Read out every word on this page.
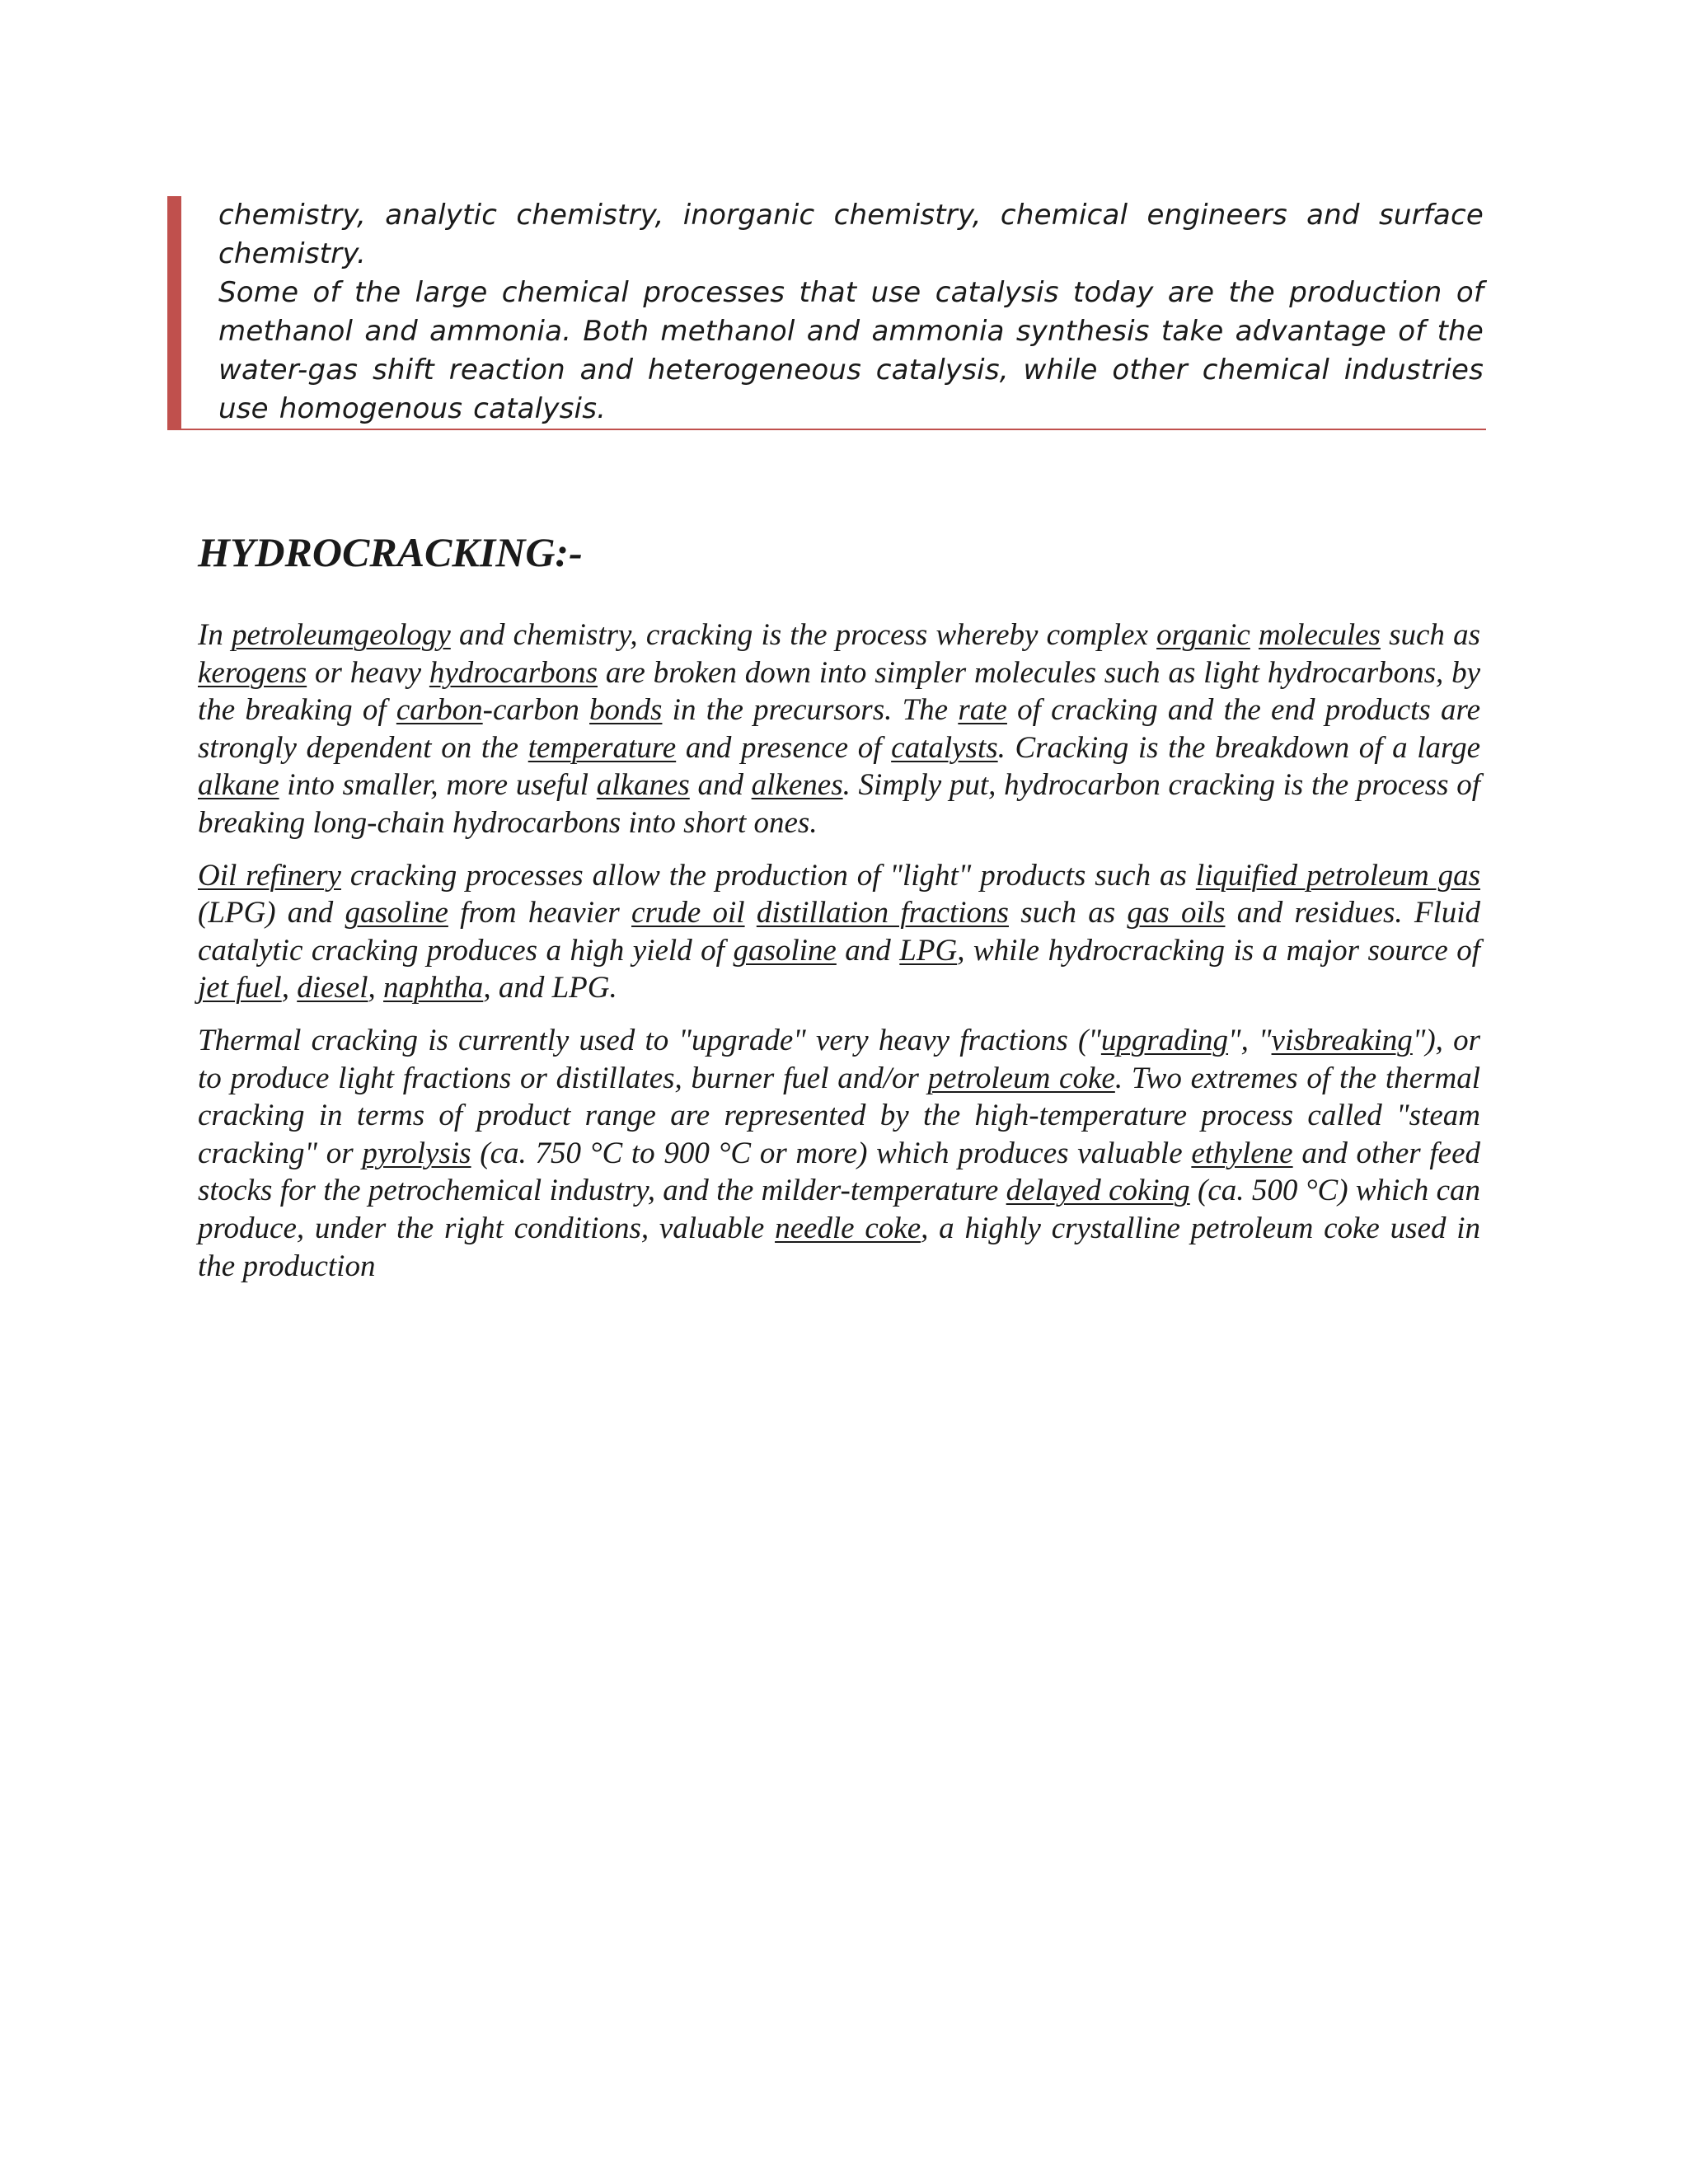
chemistry, analytic chemistry, inorganic chemistry, chemical engineers and surface chemistry.

Some of the large chemical processes that use catalysis today are the production of methanol and ammonia. Both methanol and ammonia synthesis take advantage of the water-gas shift reaction and heterogeneous catalysis, while other chemical industries use homogenous catalysis.

HYDROCRACKING:-

In petroleumgeology and chemistry, cracking is the process whereby complex organic molecules such as kerogens or heavy hydrocarbons are broken down into simpler molecules such as light hydrocarbons, by the breaking of carbon-carbon bonds in the precursors. The rate of cracking and the end products are strongly dependent on the temperature and presence of catalysts. Cracking is the breakdown of a large alkane into smaller, more useful alkanes and alkenes. Simply put, hydrocarbon cracking is the process of breaking long-chain hydrocarbons into short ones.

Oil refinery cracking processes allow the production of "light" products such as liquified petroleum gas (LPG) and gasoline from heavier crude oil distillation fractions such as gas oils and residues. Fluid catalytic cracking produces a high yield of gasoline and LPG, while hydrocracking is a major source of jet fuel, diesel, naphtha, and LPG.

Thermal cracking is currently used to "upgrade" very heavy fractions ("upgrading", "visbreaking"), or to produce light fractions or distillates, burner fuel and/or petroleum coke. Two extremes of the thermal cracking in terms of product range are represented by the high-temperature process called "steam cracking" or pyrolysis (ca. 750 °C to 900 °C or more) which produces valuable ethylene and other feed stocks for the petrochemical industry, and the milder-temperature delayed coking (ca. 500 °C) which can produce, under the right conditions, valuable needle coke, a highly crystalline petroleum coke used in the production
